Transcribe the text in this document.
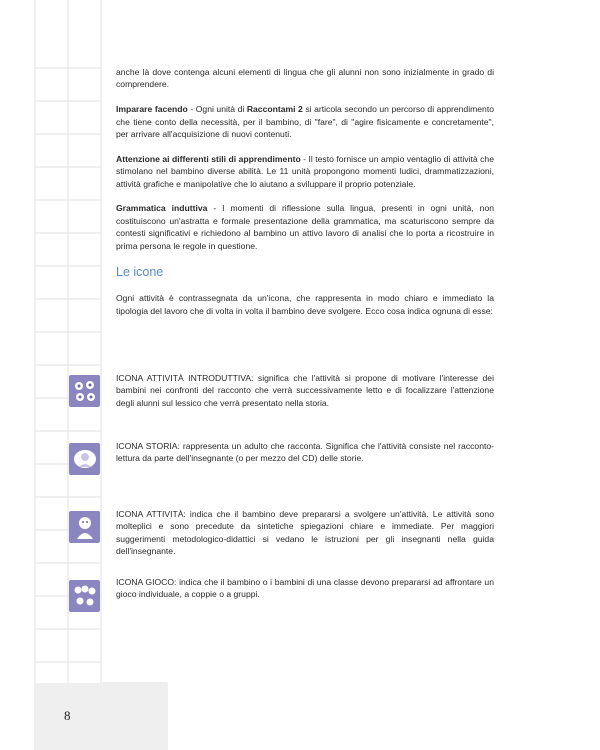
8

anche là dove contenga alcuni elementi di lingua che gli alunni non sono inizialmente in grado di comprendere.

Imparare facendo - Ogni unità di Raccontami 2 si articola secondo un percorso di apprendimento che tiene conto della necessità, per il bambino, di "fare", di "agire fisicamente e concretamente", per arrivare all'acquisizione di nuovi contenuti.

Attenzione ai differenti stili di apprendimento - Il testo fornisce un ampio ventaglio di attività che stimolano nel bambino diverse abilità. Le 11 unità propongono momenti ludici, drammatizzazioni, attività grafiche e manipolative che lo aiutano a sviluppare il proprio potenziale.

Grammatica induttiva - I momenti di riflessione sulla lingua, presenti in ogni unità, non costituiscono un'astratta e formale presentazione della grammatica, ma scaturiscono sempre da contesti significativi e richiedono al bambino un attivo lavoro di analisi che lo porta a ricostruire in prima persona le regole in questione.

Le icone

Ogni attività è contrassegnata da un'icona, che rappresenta in modo chiaro e immediato la tipologia del lavoro che di volta in volta il bambino deve svolgere. Ecco cosa indica ognuna di esse:

ICONA ATTIVITÀ INTRODUTTIVA: significa che l'attività si propone di motivare l'interesse dei bambini nei confronti del racconto che verrà successivamente letto e di focalizzare l'attenzione degli alunni sul lessico che verrà presentato nella storia.
ICONA STORIA: rappresenta un adulto che racconta. Significa che l'attività consiste nel racconto-lettura da parte dell'insegnante (o per mezzo del CD) delle storie.
ICONA ATTIVITÀ: indica che il bambino deve prepararsi a svolgere un'attività. Le attività sono molteplici e sono precedute da sintetiche spiegazioni chiare e immediate. Per maggiori suggerimenti metodologico-didattici si vedano le istruzioni per gli insegnanti nella guida dell'insegnante.
ICONA GIOCO: indica che il bambino o i bambini di una classe devono prepararsi ad affrontare un gioco individuale, a coppie o a gruppi.
